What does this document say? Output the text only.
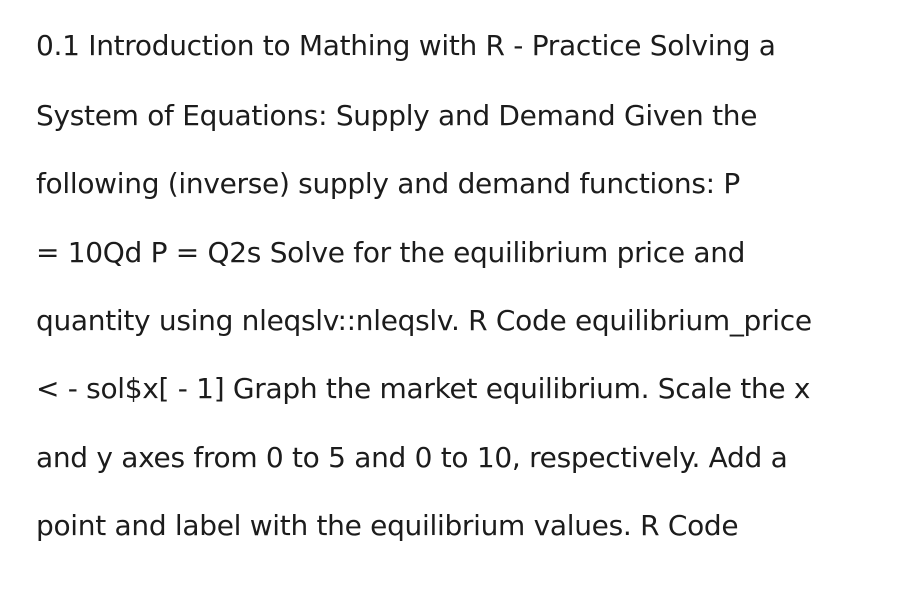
0.1 Introduction to Mathing with R - Practice Solving a
System of Equations: Supply and Demand Given the
following (inverse) supply and demand functions: P
= 10Qd P = Q2s Solve for the equilibrium price and
quantity using nleqslv::nleqslv. R Code equilibrium_price
< - sol$x[ - 1] Graph the market equilibrium. Scale the x
and y axes from 0 to 5 and 0 to 10, respectively. Add a
point and label with the equilibrium values. R Code
